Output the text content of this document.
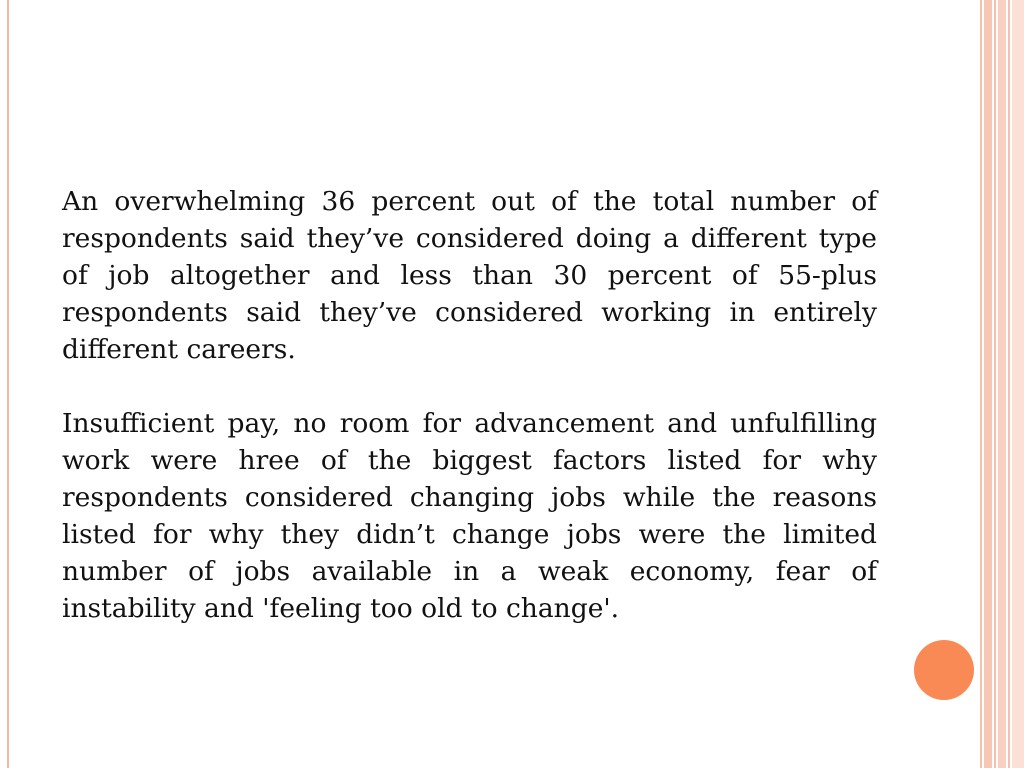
An overwhelming 36 percent out of the total number of respondents said they’ve considered doing a different type of job altogether and less than 30 percent of 55-plus respondents said they’ve considered working in entirely different careers.

Insufficient pay, no room for advancement and unfulfilling work were hree of the biggest factors listed for why respondents considered changing jobs while the reasons listed for why they didn’t change jobs were the limited number of jobs available in a weak economy, fear of instability and 'feeling too old to change'.
